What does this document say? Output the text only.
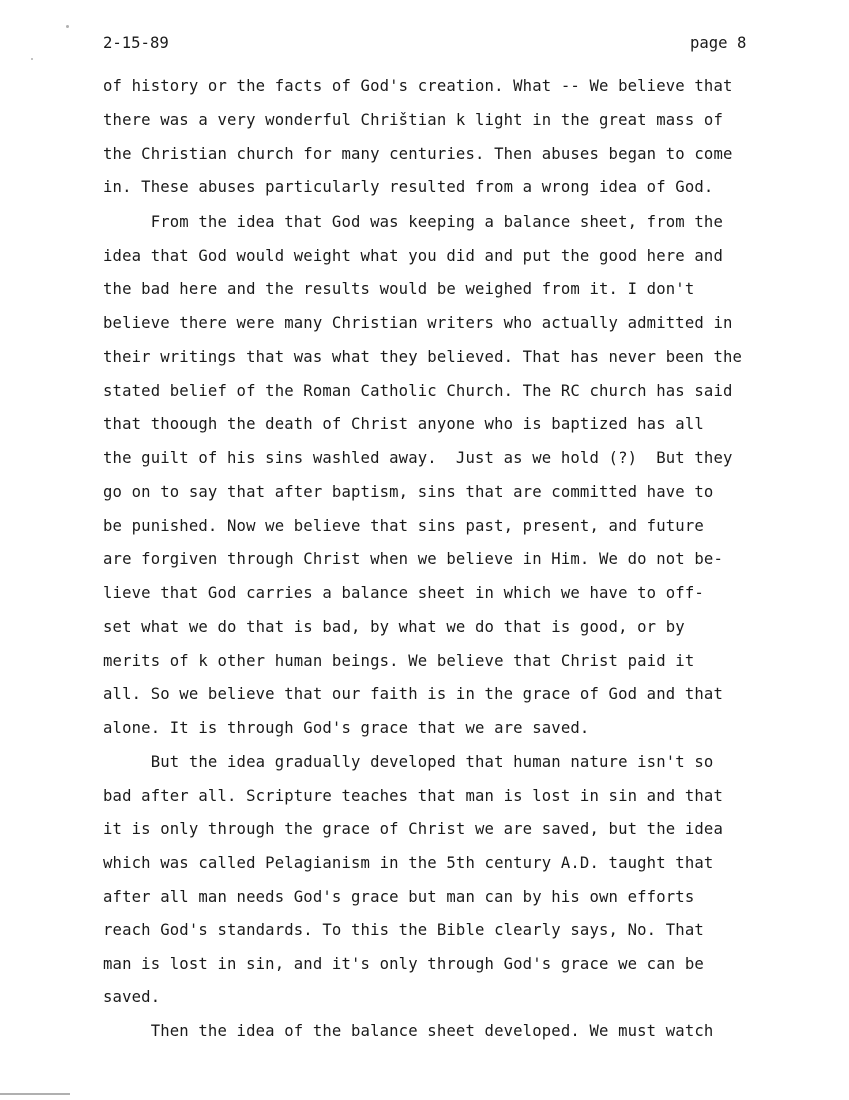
2-15-89	page 8
of history or the facts of God's creation. What -- We believe that
there was a very wonderful Chrištian k light in the great mass of
the Christian church for many centuries. Then abuses began to come
in. These abuses particularly resulted from a wrong idea of God.
From the idea that God was keeping a balance sheet, from the
idea that God would weight what you did and put the good here and
the bad here and the results would be weighed from it. I don't
believe there were many Christian writers who actually admitted in
their writings that was what they believed. That has never been the
stated belief of the Roman Catholic Church. The RC church has said
that thoough the death of Christ anyone who is baptized has all
the guilt of his sins washled away.  Just as we hold (?)  But they
go on to say that after baptism, sins that are committed have to
be punished. Now we believe that sins past, present, and future
are forgiven through Christ when we believe in Him. We do not be-
lieve that God carries a balance sheet in which we have to off-
set what we do that is bad, by what we do that is good, or by
merits of k other human beings. We believe that Christ paid it
all. So we believe that our faith is in the grace of God and that
alone. It is through God's grace that we are saved.
But the idea gradually developed that human nature isn't so
bad after all. Scripture teaches that man is lost in sin and that
it is only through the grace of Christ we are saved, but the idea
which was called Pelagianism in the 5th century A.D. taught that
after all man needs God's grace but man can by his own efforts
reach God's standards. To this the Bible clearly says, No. That
man is lost in sin, and it's only through God's grace we can be
saved.
Then the idea of the balance sheet developed. We must watch
